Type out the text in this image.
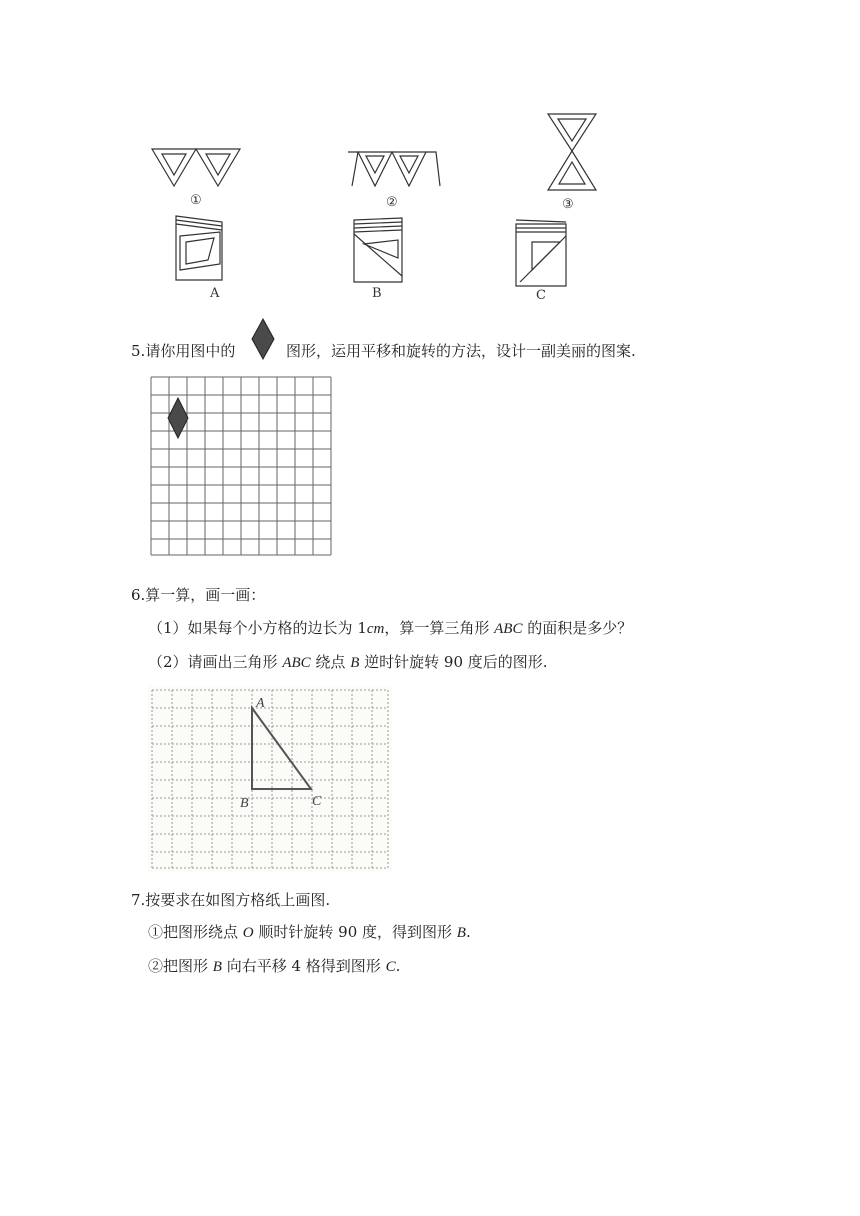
①	②	③
A	B	C
5.请你用图中的	图形，运用平移和旋转的方法，设计一副美丽的图案.
6.算一算，画一画：
（1）如果每个小方格的边长为 1cm，算一算三角形 ABC 的面积是多少？
（2）请画出三角形 ABC 绕点 B 逆时针旋转 90 度后的图形.
A
B	C
7.按要求在如图方格纸上画图.
①把图形绕点 O 顺时针旋转 90 度，得到图形 B.
②把图形 B 向右平移 4 格得到图形 C.
